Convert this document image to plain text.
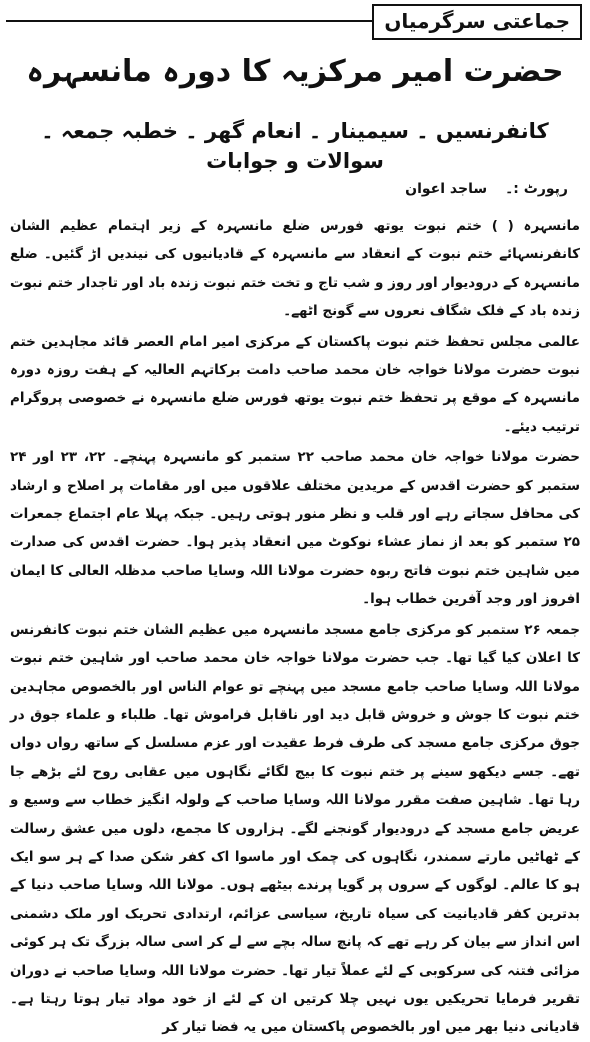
جماعتی سرگرمیاں
حضرت امیر مرکزیہ کا دورہ مانسہرہ
کانفرنسیں ۔ سیمینار ۔ انعام گھر ۔ خطبہ جمعہ ۔ سوالات و جوابات
رپورٹ :۔
ساجد اعوان

مانسہرہ ( ) ختم نبوت یوتھ فورس ضلع مانسہرہ کے زیر اہتمام عظیم الشان کانفرنسہائے ختم نبوت کے انعقاد سے مانسہرہ کے قادیانیوں کی نیندیں اڑ گئیں۔ ضلع مانسہرہ کے درودیوار اور روز و شب تاج و تخت ختم نبوت زندہ باد اور تاجدار ختم نبوت زندہ باد کے فلک شگاف نعروں سے گونج اٹھے۔

عالمی مجلس تحفظ ختم نبوت پاکستان کے مرکزی امیر امام العصر قائد مجاہدین ختم نبوت حضرت مولانا خواجہ خان محمد صاحب دامت برکاتہم العالیہ کے ہفت روزہ دورہ مانسہرہ کے موقع پر تحفظ ختم نبوت یوتھ فورس ضلع مانسہرہ نے خصوصی پروگرام ترتیب دیئے۔

حضرت مولانا خواجہ خان محمد صاحب ۲۲ ستمبر کو مانسہرہ پہنچے۔ ۲۲، ۲۳ اور ۲۴ ستمبر کو حضرت اقدس کے مریدین مختلف علاقوں میں اور مقامات پر اصلاح و ارشاد کی محافل سجاتے رہے اور قلب و نظر منور ہوتی رہیں۔ جبکہ پہلا عام اجتماع جمعرات ۲۵ ستمبر کو بعد از نماز عشاء نوکوٹ میں انعقاد پذیر ہوا۔ حضرت اقدس کی صدارت میں شاہین ختم نبوت فاتح ربوہ حضرت مولانا اللہ وسایا صاحب مدظلہ العالی کا ایمان افروز اور وجد آفرین خطاب ہوا۔

جمعہ ۲۶ ستمبر کو مرکزی جامع مسجد مانسہرہ میں عظیم الشان ختم نبوت کانفرنس کا اعلان کیا گیا تھا۔ جب حضرت مولانا خواجہ خان محمد صاحب اور شاہین ختم نبوت مولانا اللہ وسایا صاحب جامع مسجد میں پہنچے تو عوام الناس اور بالخصوص مجاہدین ختم نبوت کا جوش و خروش قابل دید اور ناقابل فراموش تھا۔ طلباء و علماء جوق در جوق مرکزی جامع مسجد کی طرف فرط عقیدت اور عزم مسلسل کے ساتھ رواں دواں تھے۔ جسے دیکھو سینے پر ختم نبوت کا بیج لگائے نگاہوں میں عقابی روح لئے بڑھے جا رہا تھا۔ شاہین صفت مقرر مولانا اللہ وسایا صاحب کے ولولہ انگیز خطاب سے وسیع و عریض جامع مسجد کے درودیوار گونجنے لگے۔ ہزاروں کا مجمع، دلوں میں عشق رسالت کے ٹھاٹیں مارتے سمندر، نگاہوں کی چمک اور ماسوا اک کفر شکن صدا کے ہر سو ایک ہو کا عالم۔ لوگوں کے سروں پر گویا پرندے بیٹھے ہوں۔ مولانا اللہ وسایا صاحب دنیا کے بدترین کفر قادیانیت کی سیاہ تاریخ، سیاسی عزائم، ارتدادی تحریک اور ملک دشمنی اس انداز سے بیان کر رہے تھے کہ پانچ سالہ بچے سے لے کر اسی سالہ بزرگ تک ہر کوئی مزائی فتنہ کی سرکوبی کے لئے عملاً تیار تھا۔ حضرت مولانا اللہ وسایا صاحب نے دوران تقریر فرمایا تحریکیں یوں نہیں چلا کرتیں ان کے لئے از خود مواد تیار ہوتا رہتا ہے۔ قادیانی دنیا بھر میں اور بالخصوص پاکستان میں یہ فضا تیار کر
